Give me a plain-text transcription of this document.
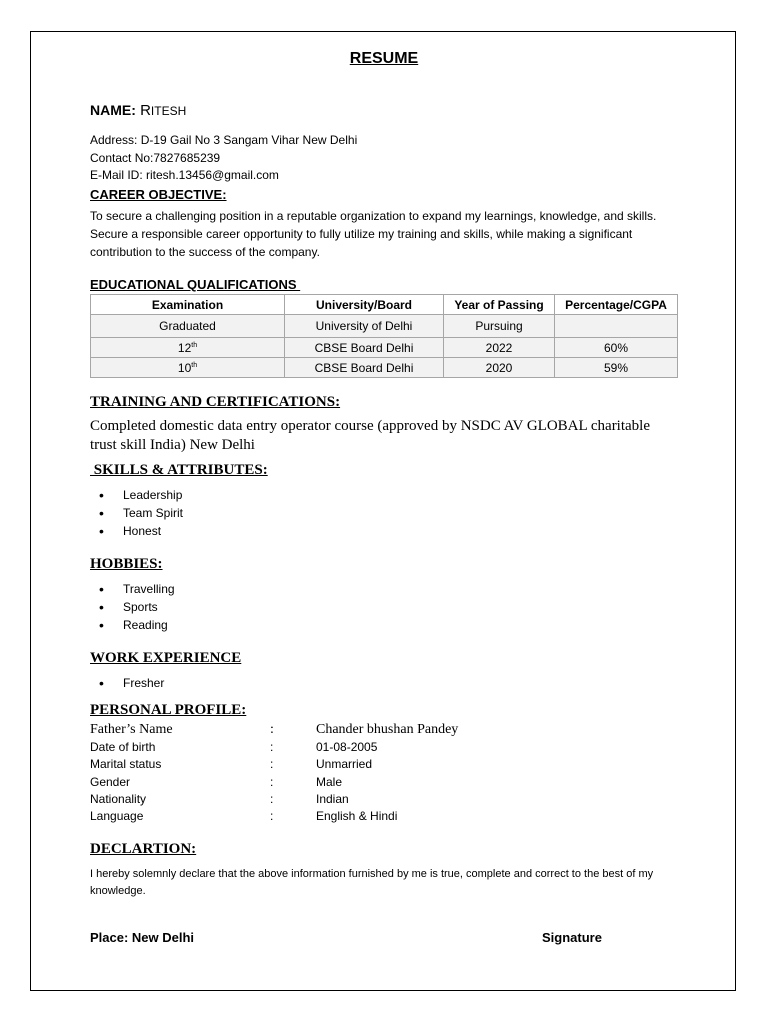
RESUME
NAME: RITESH
Address: D-19 Gail No 3 Sangam Vihar New Delhi
Contact No:7827685239
E-Mail ID: ritesh.13456@gmail.com
CAREER OBJECTIVE:
To secure a challenging position in a reputable organization to expand my learnings, knowledge, and skills. Secure a responsible career opportunity to fully utilize my training and skills, while making a significant contribution to the success of the company.
EDUCATIONAL QUALIFICATIONS
Examination	University/Board	Year of Passing	Percentage/CGPA
Graduated	University of Delhi	Pursuing	
12th	CBSE Board Delhi	2022	60%
10th	CBSE Board Delhi	2020	59%
TRAINING AND CERTIFICATIONS:
Completed domestic data entry operator course (approved by NSDC AV GLOBAL charitable
trust skill India) New Delhi
SKILLS & ATTRIBUTES:
• Leadership
• Team Spirit
• Honest
HOBBIES:
• Travelling
• Sports
• Reading
WORK EXPERIENCE
• Fresher
PERSONAL PROFILE:
Father’s Name	:	Chander bhushan Pandey
Date of birth	:	01-08-2005
Marital status	:	Unmarried
Gender	:	Male
Nationality	:	Indian
Language	:	English & Hindi
DECLARTION:
I hereby solemnly declare that the above information furnished by me is true, complete and correct to the best of my knowledge.
Place: New Delhi	Signature
